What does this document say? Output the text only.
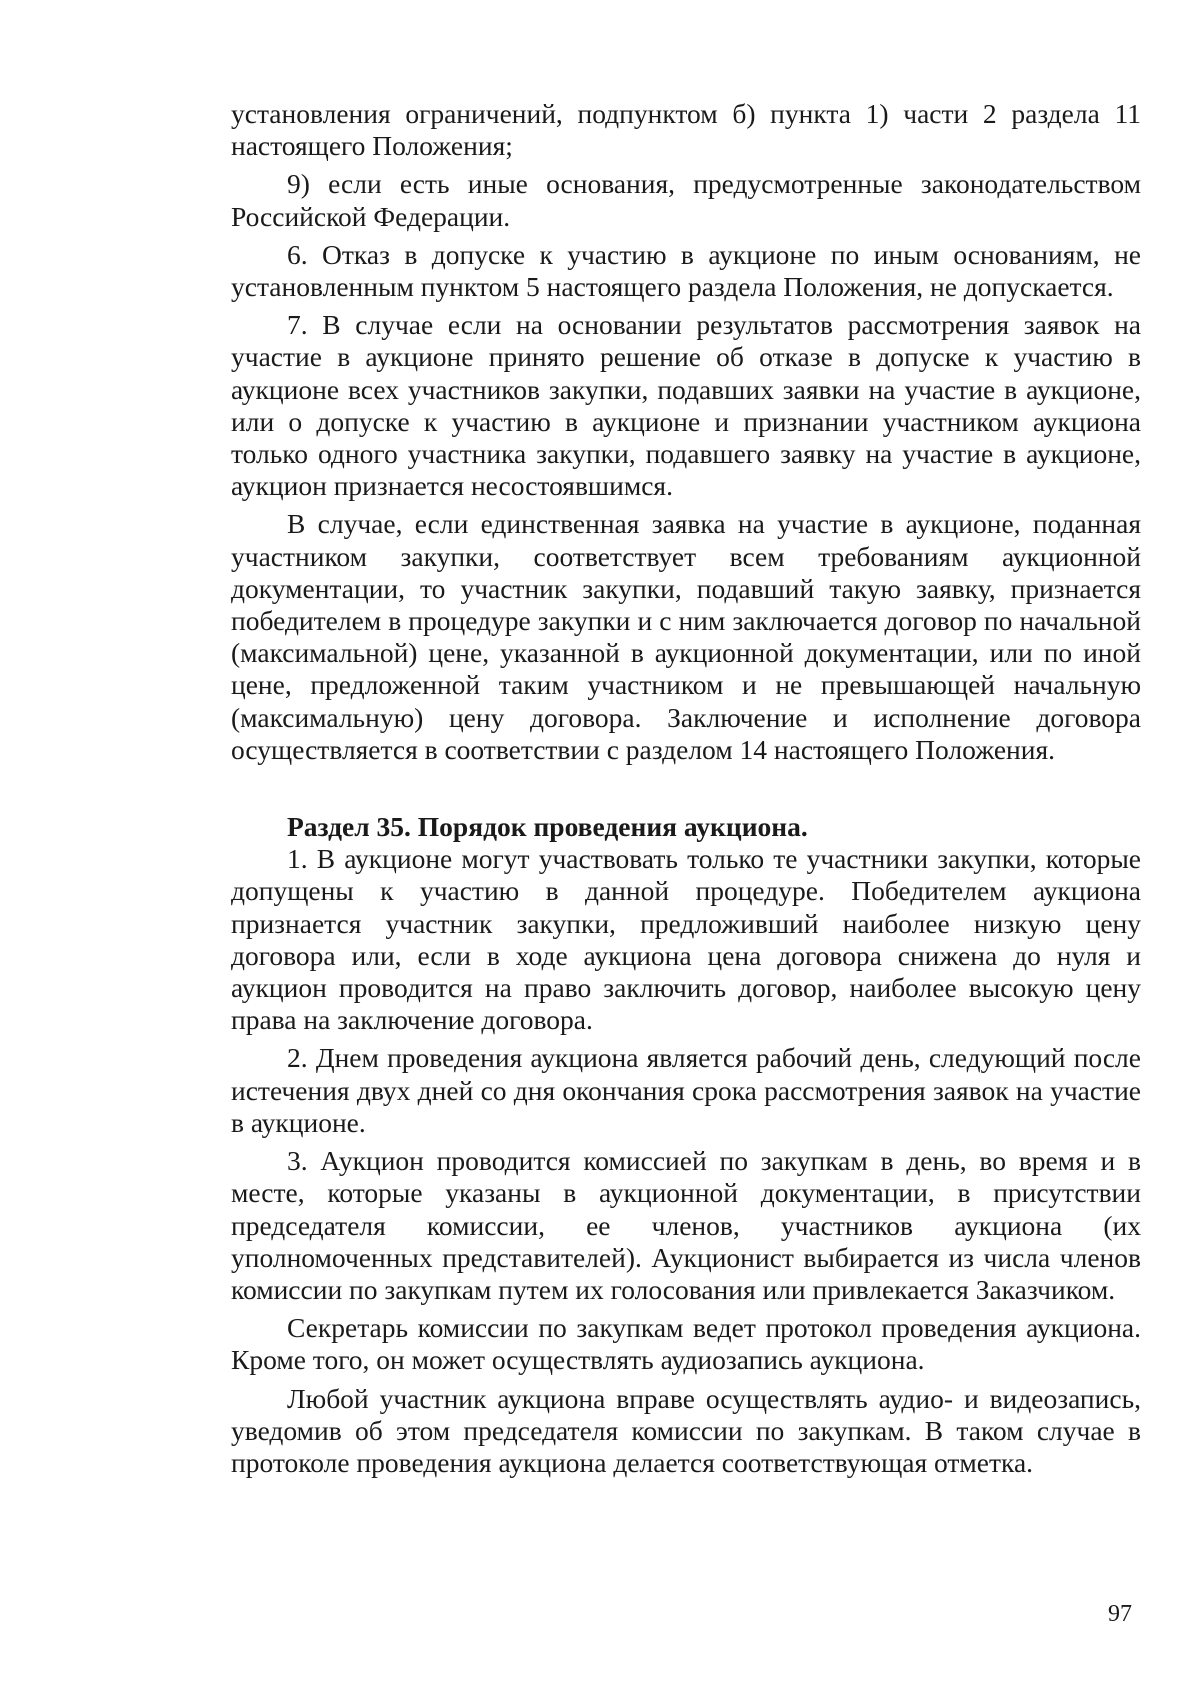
установления ограничений, подпунктом б) пункта 1) части 2 раздела 11 настоящего Положения;

9) если есть иные основания, предусмотренные законодательством Российской Федерации.

6. Отказ в допуске к участию в аукционе по иным основаниям, не установленным пунктом 5 настоящего раздела Положения, не допускается.

7. В случае если на основании результатов рассмотрения заявок на участие в аукционе принято решение об отказе в допуске к участию в аукционе всех участников закупки, подавших заявки на участие в аукционе, или о допуске к участию в аукционе и признании участником аукциона только одного участника закупки, подавшего заявку на участие в аукционе, аукцион признается несостоявшимся.

В случае, если единственная заявка на участие в аукционе, поданная участником закупки, соответствует всем требованиям аукционной документации, то участник закупки, подавший такую заявку, признается победителем в процедуре закупки и с ним заключается договор по начальной (максимальной) цене, указанной в аукционной документации, или по иной цене, предложенной таким участником и не превышающей начальную (максимальную) цену договора. Заключение и исполнение договора осуществляется в соответствии с разделом 14 настоящего Положения.

Раздел 35. Порядок проведения аукциона.

1. В аукционе могут участвовать только те участники закупки, которые допущены к участию в данной процедуре. Победителем аукциона признается участник закупки, предложивший наиболее низкую цену договора или, если в ходе аукциона цена договора снижена до нуля и аукцион проводится на право заключить договор, наиболее высокую цену права на заключение договора.

2. Днем проведения аукциона является рабочий день, следующий после истечения двух дней со дня окончания срока рассмотрения заявок на участие в аукционе.

3. Аукцион проводится комиссией по закупкам в день, во время и в месте, которые указаны в аукционной документации, в присутствии председателя комиссии, ее членов, участников аукциона (их уполномоченных представителей). Аукционист выбирается из числа членов комиссии по закупкам путем их голосования или привлекается Заказчиком.

Секретарь комиссии по закупкам ведет протокол проведения аукциона. Кроме того, он может осуществлять аудиозапись аукциона.

Любой участник аукциона вправе осуществлять аудио- и видеозапись, уведомив об этом председателя комиссии по закупкам. В таком случае в протоколе проведения аукциона делается соответствующая отметка.

97
